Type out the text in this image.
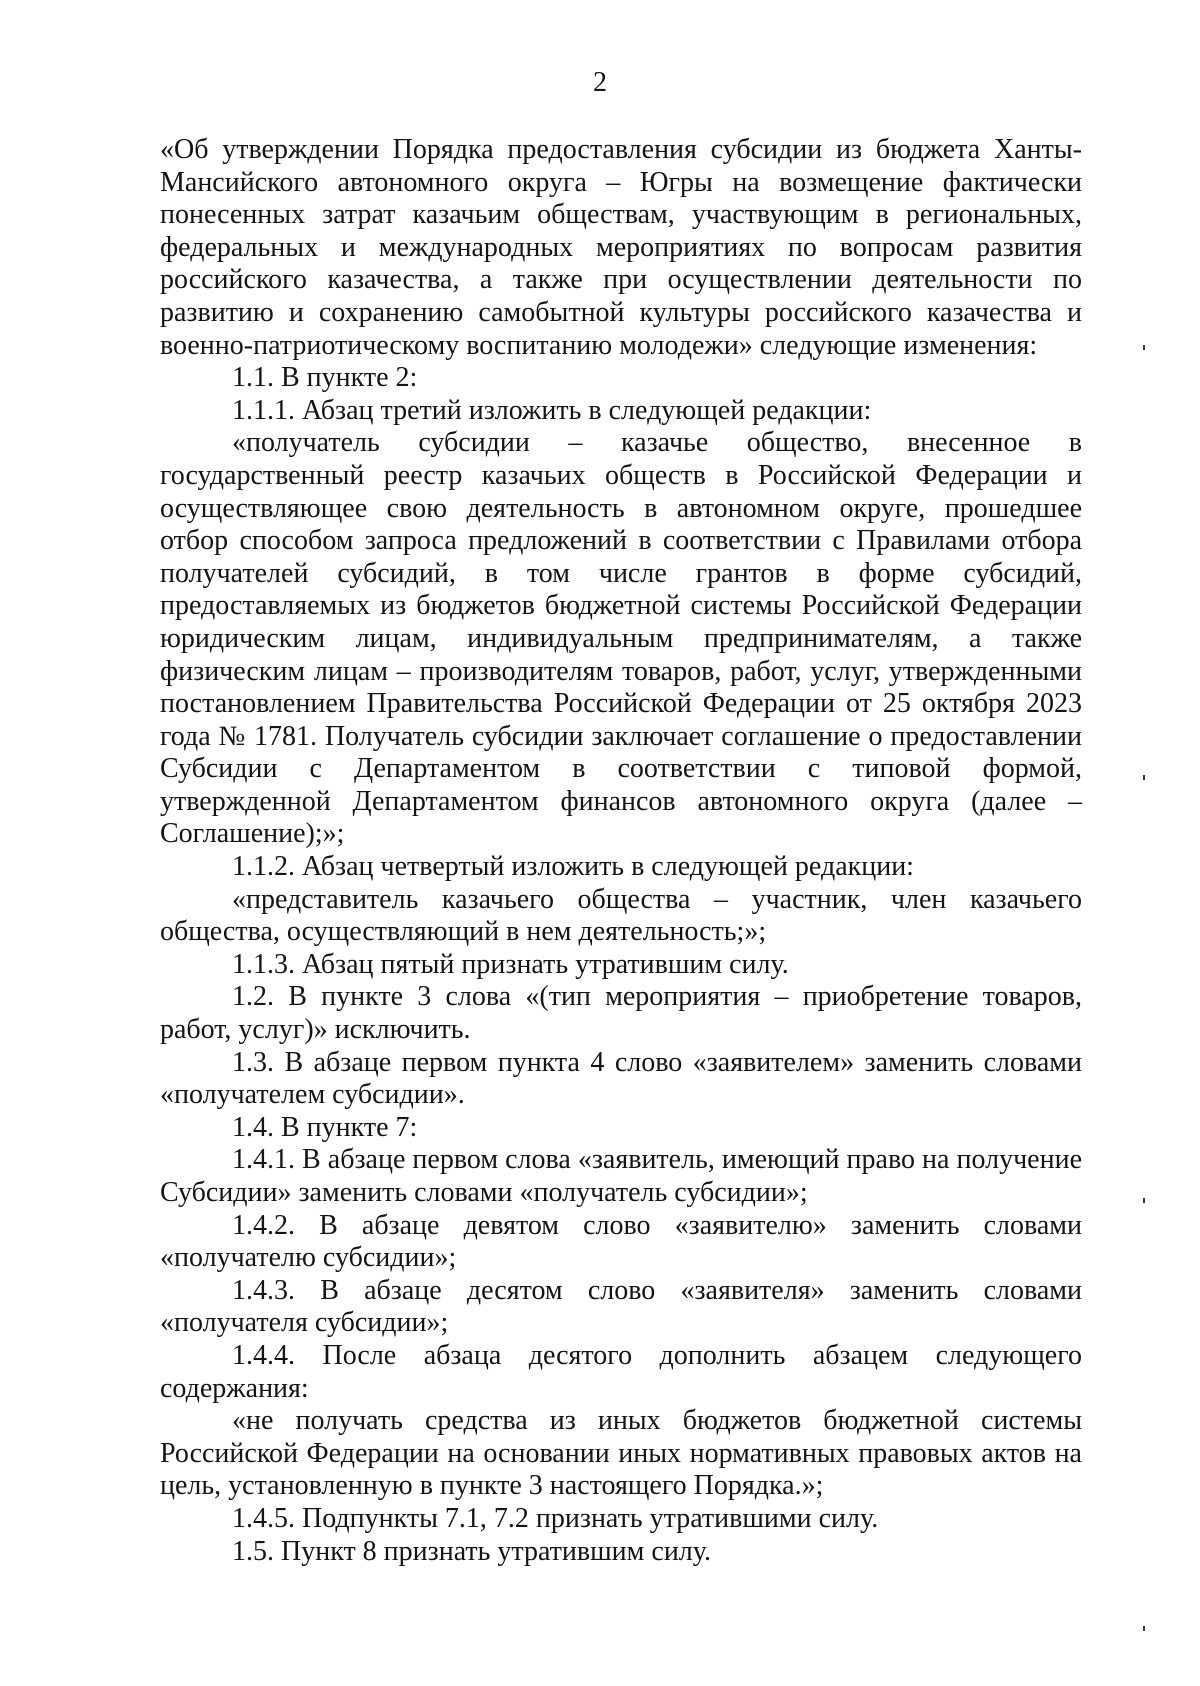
2

«Об утверждении Порядка предоставления субсидии из бюджета Ханты-Мансийского автономного округа – Югры на возмещение фактически понесенных затрат казачьим обществам, участвующим в региональных, федеральных и международных мероприятиях по вопросам развития российского казачества, а также при осуществлении деятельности по развитию и сохранению самобытной культуры российского казачества и военно-патриотическому воспитанию молодежи» следующие изменения:

1.1. В пункте 2:

1.1.1. Абзац третий изложить в следующей редакции:

«получатель субсидии – казачье общество, внесенное в государственный реестр казачьих обществ в Российской Федерации и осуществляющее свою деятельность в автономном округе, прошедшее отбор способом запроса предложений в соответствии с Правилами отбора получателей субсидий, в том числе грантов в форме субсидий, предоставляемых из бюджетов бюджетной системы Российской Федерации юридическим лицам, индивидуальным предпринимателям, а также физическим лицам – производителям товаров, работ, услуг, утвержденными постановлением Правительства Российской Федерации от 25 октября 2023 года № 1781. Получатель субсидии заключает соглашение о предоставлении Субсидии с Департаментом в соответствии с типовой формой, утвержденной Департаментом финансов автономного округа (далее – Соглашение);»;

1.1.2. Абзац четвертый изложить в следующей редакции:

«представитель казачьего общества – участник, член казачьего общества, осуществляющий в нем деятельность;»;

1.1.3. Абзац пятый признать утратившим силу.

1.2. В пункте 3 слова «(тип мероприятия – приобретение товаров, работ, услуг)» исключить.

1.3. В абзаце первом пункта 4 слово «заявителем» заменить словами «получателем субсидии».

1.4. В пункте 7:

1.4.1. В абзаце первом слова «заявитель, имеющий право на получение Субсидии» заменить словами «получатель субсидии»;

1.4.2. В абзаце девятом слово «заявителю» заменить словами «получателю субсидии»;

1.4.3. В абзаце десятом слово «заявителя» заменить словами «получателя субсидии»;

1.4.4. После абзаца десятого дополнить абзацем следующего содержания:

«не получать средства из иных бюджетов бюджетной системы Российской Федерации на основании иных нормативных правовых актов на цель, установленную в пункте 3 настоящего Порядка.»;

1.4.5. Подпункты 7.1, 7.2 признать утратившими силу.

1.5. Пункт 8 признать утратившим силу.
